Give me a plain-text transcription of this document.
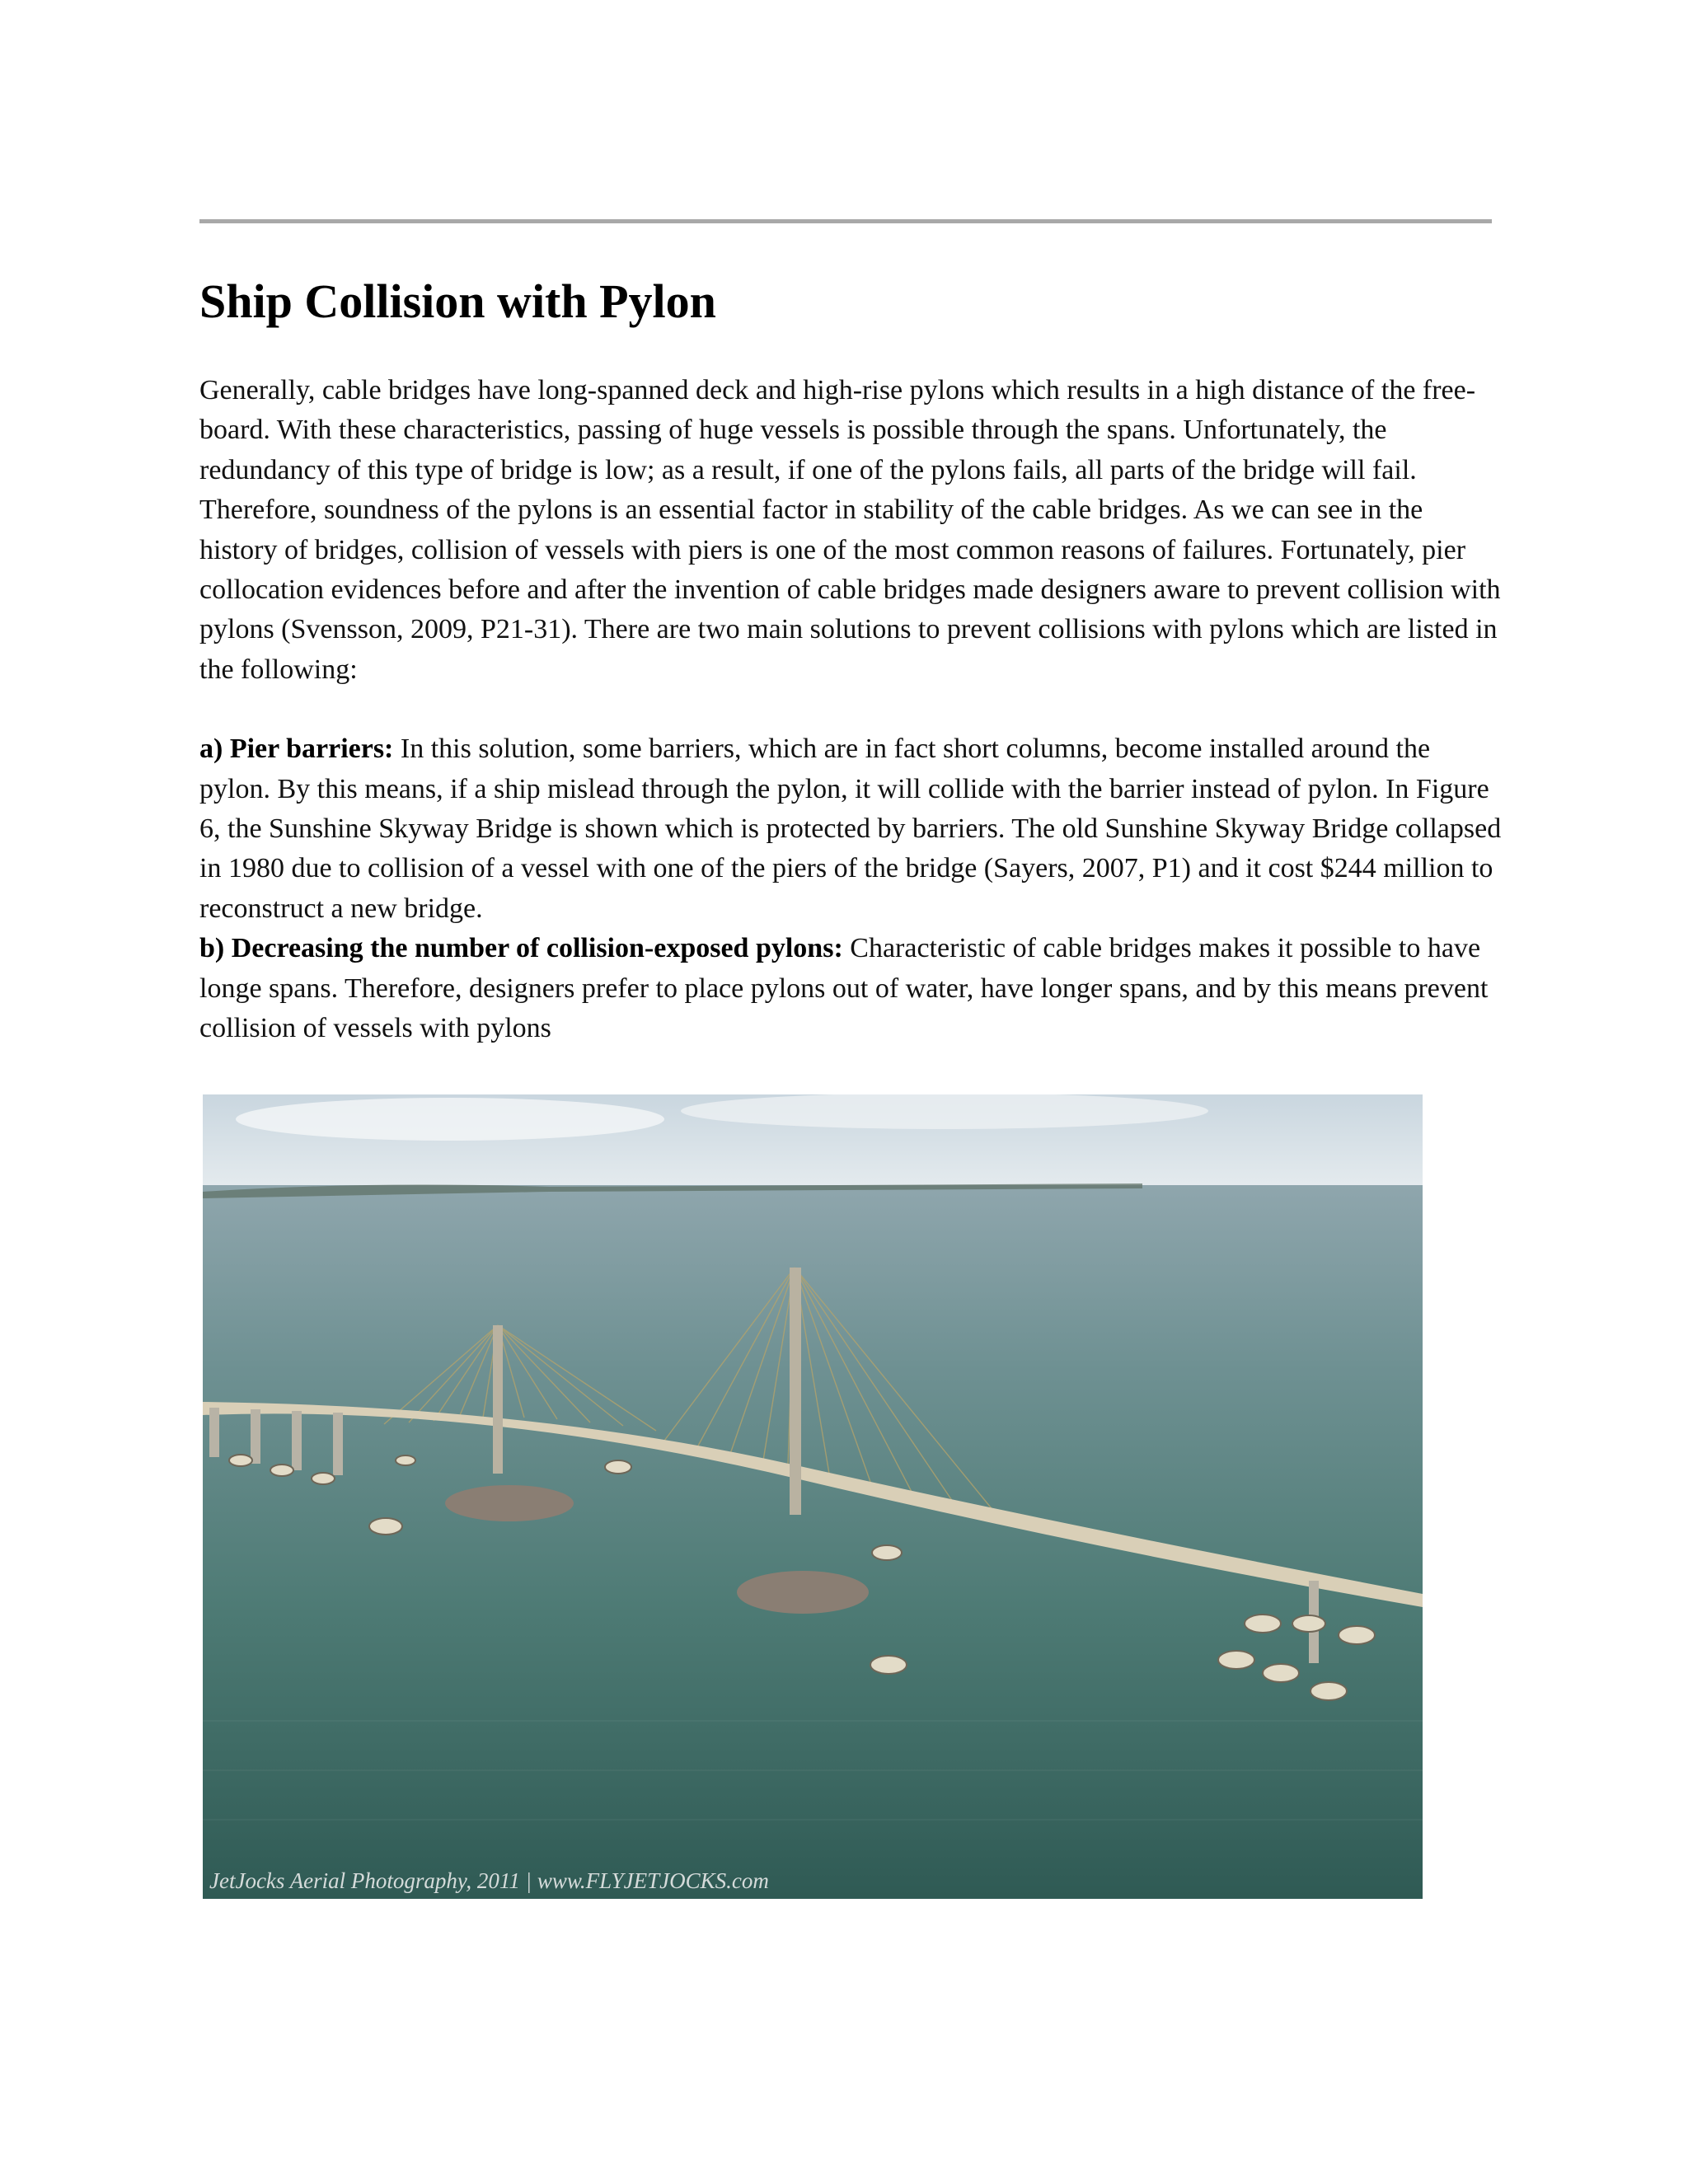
Ship Collision with Pylon

Generally, cable bridges have long-spanned deck and high-rise pylons which results in a high distance of the free-board. With these characteristics, passing of huge vessels is possible through the spans. Unfortunately, the redundancy of this type of bridge is low; as a result, if one of the pylons fails, all parts of the bridge will fail. Therefore, soundness of the pylons is an essential factor in stability of the cable bridges. As we can see in the history of bridges, collision of vessels with piers is one of the most common reasons of failures. Fortunately, pier collocation evidences before and after the invention of cable bridges made designers aware to prevent collision with pylons (Svensson, 2009, P21-31). There are two main solutions to prevent collisions with pylons which are listed in the following:

a) Pier barriers: In this solution, some barriers, which are in fact short columns, become installed around the pylon. By this means, if a ship mislead through the pylon, it will collide with the barrier instead of pylon. In Figure 6, the Sunshine Skyway Bridge is shown which is protected by barriers. The old Sunshine Skyway Bridge collapsed in 1980 due to collision of a vessel with one of the piers of the bridge (Sayers, 2007, P1) and it cost $244 million to reconstruct a new bridge.

b) Decreasing the number of collision-exposed pylons: Characteristic of cable bridges makes it possible to have longe spans. Therefore, designers prefer to place pylons out of water, have longer spans, and by this means prevent collision of vessels with pylons

JetJocks Aerial Photography, 2011 | www.FLYJETJOCKS.com
